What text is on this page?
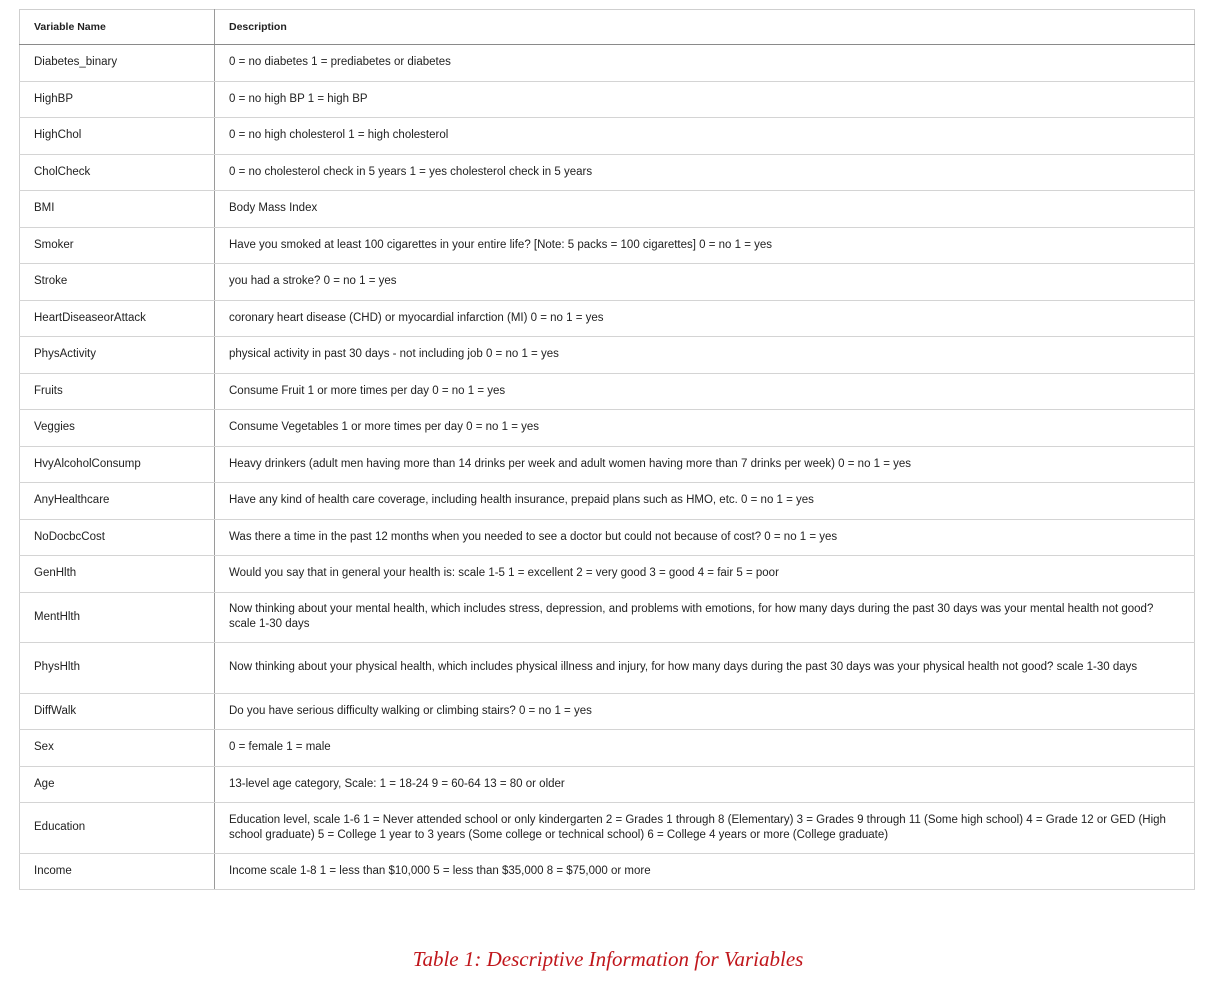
Variable Name	Description
Diabetes_binary	0 = no diabetes 1 = prediabetes or diabetes
HighBP	0 = no high BP 1 = high BP
HighChol	0 = no high cholesterol 1 = high cholesterol
CholCheck	0 = no cholesterol check in 5 years 1 = yes cholesterol check in 5 years
BMI	Body Mass Index
Smoker	Have you smoked at least 100 cigarettes in your entire life? [Note: 5 packs = 100 cigarettes] 0 = no 1 = yes
Stroke	you had a stroke? 0 = no 1 = yes
HeartDiseaseorAttack	coronary heart disease (CHD) or myocardial infarction (MI) 0 = no 1 = yes
PhysActivity	physical activity in past 30 days - not including job 0 = no 1 = yes
Fruits	Consume Fruit 1 or more times per day 0 = no 1 = yes
Veggies	Consume Vegetables 1 or more times per day 0 = no 1 = yes
HvyAlcoholConsump	Heavy drinkers (adult men having more than 14 drinks per week and adult women having more than 7 drinks per week) 0 = no 1 = yes
AnyHealthcare	Have any kind of health care coverage, including health insurance, prepaid plans such as HMO, etc. 0 = no 1 = yes
NoDocbcCost	Was there a time in the past 12 months when you needed to see a doctor but could not because of cost? 0 = no 1 = yes
GenHlth	Would you say that in general your health is: scale 1-5 1 = excellent 2 = very good 3 = good 4 = fair 5 = poor
MentHlth	Now thinking about your mental health, which includes stress, depression, and problems with emotions, for how many days during the past 30 days was your mental health not good? scale 1-30 days
PhysHlth	Now thinking about your physical health, which includes physical illness and injury, for how many days during the past 30 days was your physical health not good? scale 1-30 days
DiffWalk	Do you have serious difficulty walking or climbing stairs? 0 = no 1 = yes
Sex	0 = female 1 = male
Age	13-level age category, Scale: 1 = 18-24 9 = 60-64 13 = 80 or older
Education	Education level, scale 1-6 1 = Never attended school or only kindergarten 2 = Grades 1 through 8 (Elementary) 3 = Grades 9 through 11 (Some high school) 4 = Grade 12 or GED (High school graduate) 5 = College 1 year to 3 years (Some college or technical school) 6 = College 4 years or more (College graduate)
Income	Income scale 1-8 1 = less than $10,000 5 = less than $35,000 8 = $75,000 or more
Table 1: Descriptive Information for Variables
